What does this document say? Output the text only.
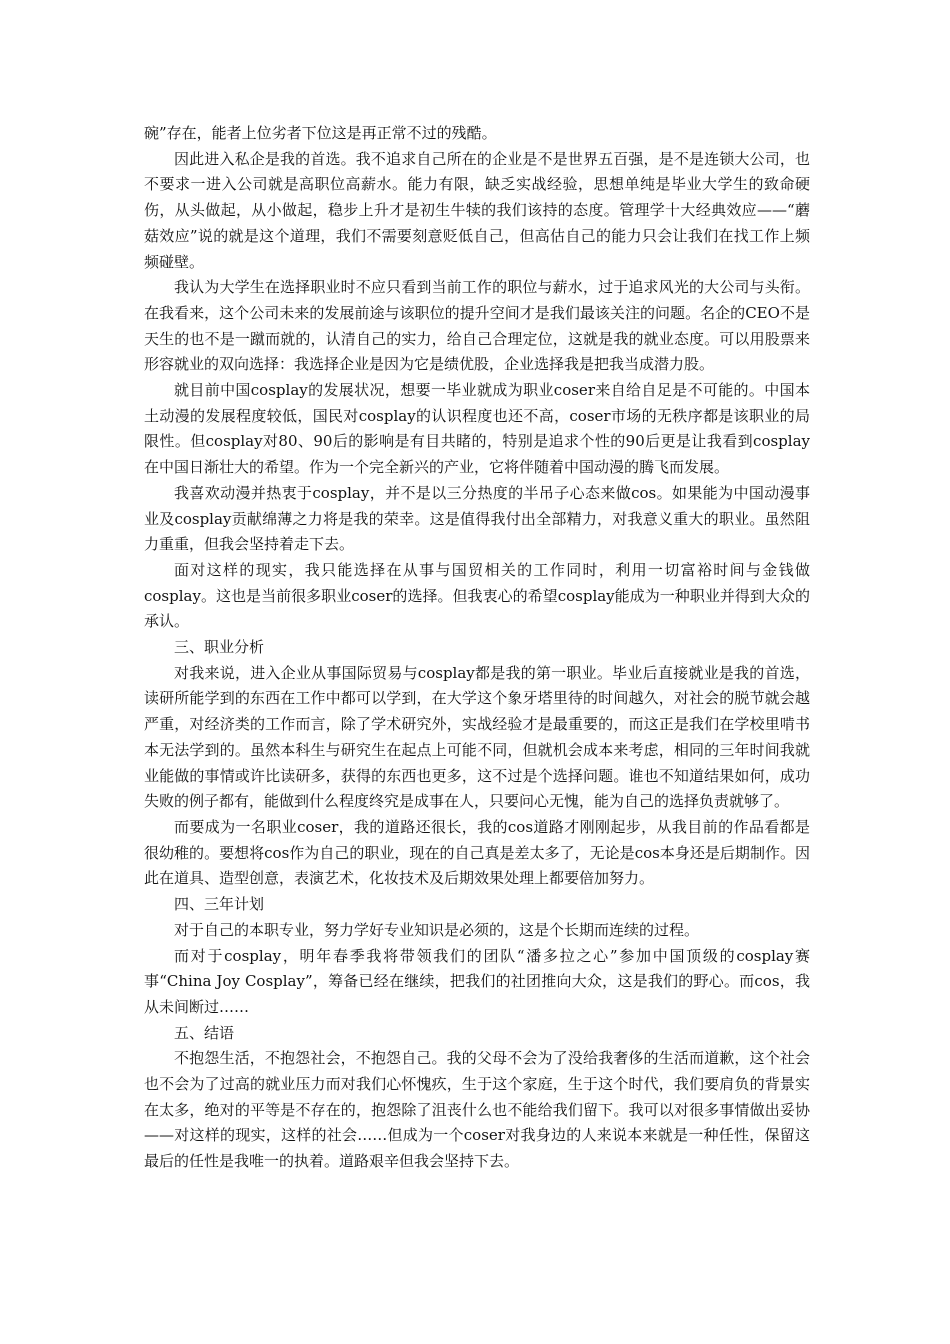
碗”存在，能者上位劣者下位这是再正常不过的残酷。

因此进入私企是我的首选。我不追求自己所在的企业是不是世界五百强，是不是连锁大公司，也不要求一进入公司就是高职位高薪水。能力有限，缺乏实战经验，思想单纯是毕业大学生的致命硬伤，从头做起，从小做起，稳步上升才是初生牛犊的我们该持的态度。管理学十大经典效应——“蘑菇效应”说的就是这个道理，我们不需要刻意贬低自己，但高估自己的能力只会让我们在找工作上频频碰壁。

我认为大学生在选择职业时不应只看到当前工作的职位与薪水，过于追求风光的大公司与头衔。在我看来，这个公司未来的发展前途与该职位的提升空间才是我们最该关注的问题。名企的CEO不是天生的也不是一蹴而就的，认清自己的实力，给自己合理定位，这就是我的就业态度。可以用股票来形容就业的双向选择：我选择企业是因为它是绩优股，企业选择我是把我当成潜力股。

就目前中国cosplay的发展状况，想要一毕业就成为职业coser来自给自足是不可能的。中国本土动漫的发展程度较低，国民对cosplay的认识程度也还不高，coser市场的无秩序都是该职业的局限性。但cosplay对80、90后的影响是有目共睹的，特别是追求个性的90后更是让我看到cosplay在中国日渐壮大的希望。作为一个完全新兴的产业，它将伴随着中国动漫的腾飞而发展。

我喜欢动漫并热衷于cosplay，并不是以三分热度的半吊子心态来做cos。如果能为中国动漫事业及cosplay贡献绵薄之力将是我的荣幸。这是值得我付出全部精力，对我意义重大的职业。虽然阻力重重，但我会坚持着走下去。

面对这样的现实，我只能选择在从事与国贸相关的工作同时，利用一切富裕时间与金钱做cosplay。这也是当前很多职业coser的选择。但我衷心的希望cosplay能成为一种职业并得到大众的承认。

三、职业分析

对我来说，进入企业从事国际贸易与cosplay都是我的第一职业。毕业后直接就业是我的首选，读研所能学到的东西在工作中都可以学到，在大学这个象牙塔里待的时间越久，对社会的脱节就会越严重，对经济类的工作而言，除了学术研究外，实战经验才是最重要的，而这正是我们在学校里啃书本无法学到的。虽然本科生与研究生在起点上可能不同，但就机会成本来考虑，相同的三年时间我就业能做的事情或许比读研多，获得的东西也更多，这不过是个选择问题。谁也不知道结果如何，成功失败的例子都有，能做到什么程度终究是成事在人，只要问心无愧，能为自己的选择负责就够了。

而要成为一名职业coser，我的道路还很长，我的cos道路才刚刚起步，从我目前的作品看都是很幼稚的。要想将cos作为自己的职业，现在的自己真是差太多了，无论是cos本身还是后期制作。因此在道具、造型创意，表演艺术，化妆技术及后期效果处理上都要倍加努力。

四、三年计划

对于自己的本职专业，努力学好专业知识是必须的，这是个长期而连续的过程。

而对于cosplay，明年春季我将带领我们的团队“潘多拉之心”参加中国顶级的cosplay赛事“China Joy Cosplay”，筹备已经在继续，把我们的社团推向大众，这是我们的野心。而cos，我从未间断过……

五、结语

不抱怨生活，不抱怨社会，不抱怨自己。我的父母不会为了没给我奢侈的生活而道歉，这个社会也不会为了过高的就业压力而对我们心怀愧疚，生于这个家庭，生于这个时代，我们要肩负的背景实在太多，绝对的平等是不存在的，抱怨除了沮丧什么也不能给我们留下。我可以对很多事情做出妥协——对这样的现实，这样的社会……但成为一个coser对我身边的人来说本来就是一种任性，保留这最后的任性是我唯一的执着。道路艰辛但我会坚持下去。
